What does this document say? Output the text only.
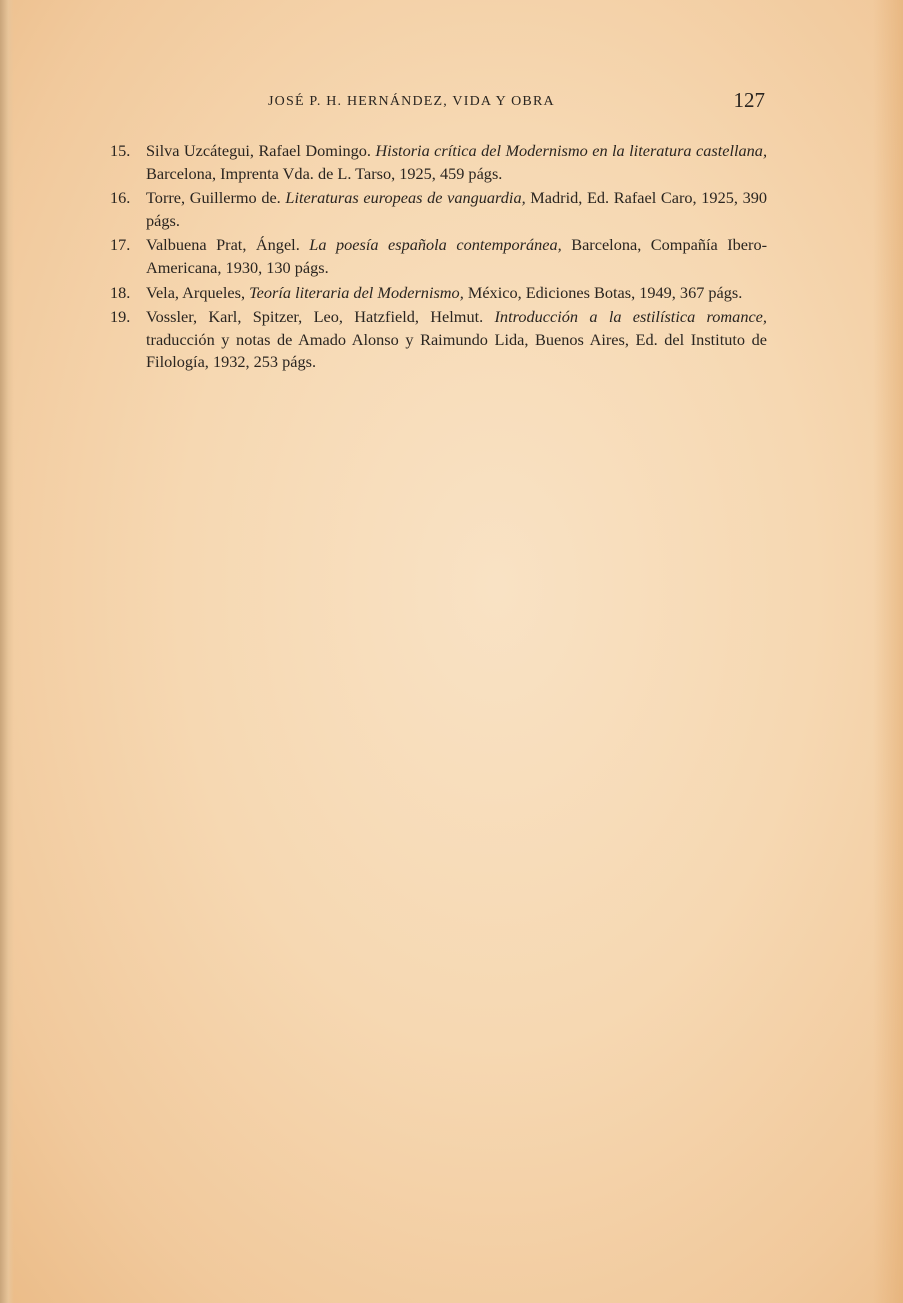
JOSÉ P. H. HERNÁNDEZ, VIDA Y OBRA	127
15. Silva Uzcátegui, Rafael Domingo. Historia crítica del Modernismo en la literatura castellana, Barcelona, Imprenta Vda. de L. Tarso, 1925, 459 págs.
16. Torre, Guillermo de. Literaturas europeas de vanguardia, Madrid, Ed. Rafael Caro, 1925, 390 págs.
17. Valbuena Prat, Ángel. La poesía española contemporánea, Barcelona, Compañía Ibero-Americana, 1930, 130 págs.
18. Vela, Arqueles, Teoría literaria del Modernismo, México, Ediciones Botas, 1949, 367 págs.
19. Vossler, Karl, Spitzer, Leo, Hatzfield, Helmut. Introducción a la estilística romance, traducción y notas de Amado Alonso y Raimundo Lida, Buenos Aires, Ed. del Instituto de Filología, 1932, 253 págs.
